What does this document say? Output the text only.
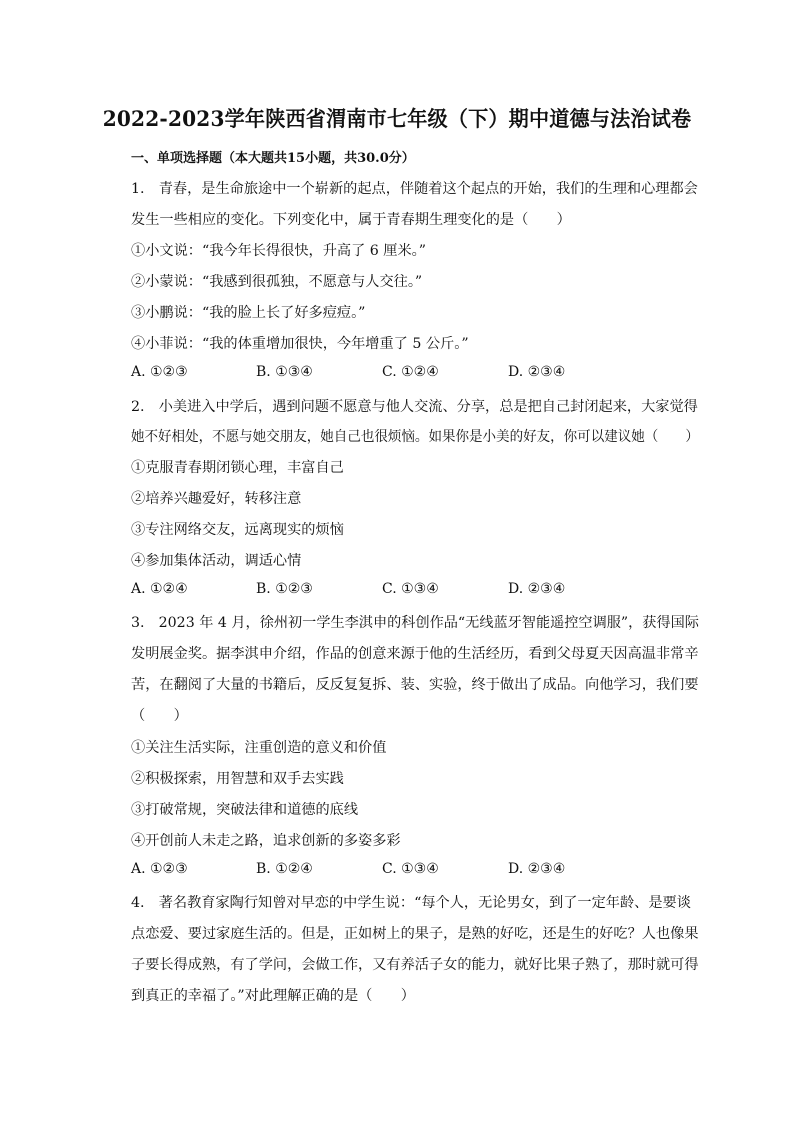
2022-2023学年陕西省渭南市七年级（下）期中道德与法治试卷
一、单项选择题（本大题共15小题，共30.0分）
1.　青春，是生命旅途中一个崭新的起点，伴随着这个起点的开始，我们的生理和心理都会
发生一些相应的变化。下列变化中，属于青春期生理变化的是（　　）
①小文说：“我今年长得很快，升高了 6 厘米。”
②小蒙说：“我感到很孤独，不愿意与人交往。”
③小鹏说：“我的脸上长了好多痘痘。”
④小菲说：“我的体重增加很快，今年增重了 5 公斤。”
A. ①②③	B. ①③④	C. ①②④	D. ②③④
2.　小美进入中学后，遇到问题不愿意与他人交流、分享，总是把自己封闭起来，大家觉得
她不好相处，不愿与她交朋友，她自己也很烦恼。如果你是小美的好友，你可以建议她（　　）
①克服青春期闭锁心理，丰富自己
②培养兴趣爱好，转移注意
③专注网络交友，远离现实的烦恼
④参加集体活动，调适心情
A. ①②④	B. ①②③	C. ①③④	D. ②③④
3.　2023 年 4 月，徐州初一学生李淇申的科创作品“无线蓝牙智能遥控空调服”，获得国际
发明展金奖。据李淇申介绍，作品的创意来源于他的生活经历，看到父母夏天因高温非常辛
苦，在翻阅了大量的书籍后，反反复复拆、装、实验，终于做出了成品。向他学习，我们要
（　　）
①关注生活实际，注重创造的意义和价值
②积极探索，用智慧和双手去实践
③打破常规，突破法律和道德的底线
④开创前人未走之路，追求创新的多姿多彩
A. ①②③	B. ①②④	C. ①③④	D. ②③④
4.　著名教育家陶行知曾对早恋的中学生说：“每个人，无论男女，到了一定年龄、是要谈
点恋爱、要过家庭生活的。但是，正如树上的果子，是熟的好吃，还是生的好吃？人也像果
子要长得成熟，有了学问，会做工作，又有养活子女的能力，就好比果子熟了，那时就可得
到真正的幸福了。”对此理解正确的是（　　）
